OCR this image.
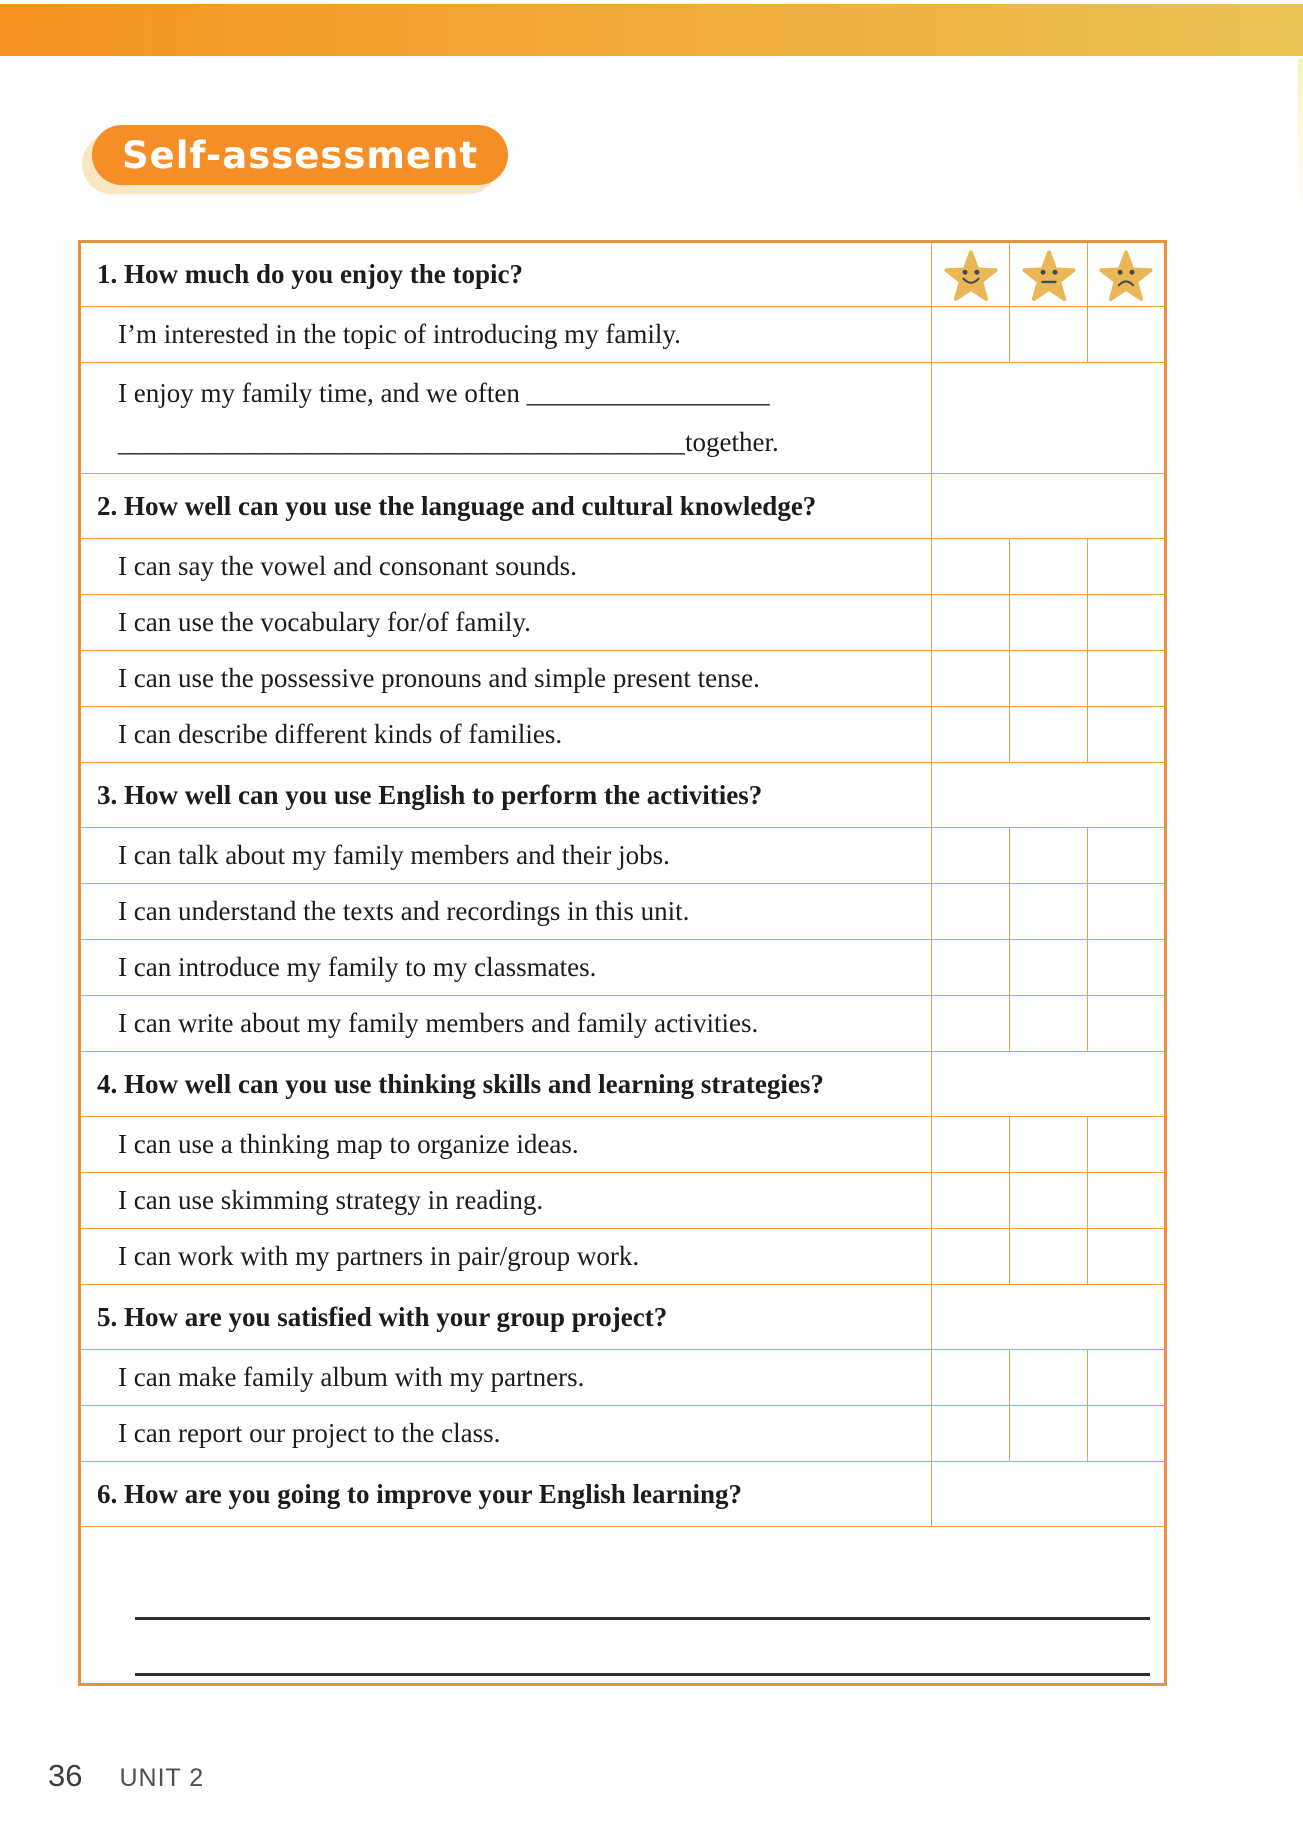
Self-assessment
1. How much do you enjoy the topic?	

I’m interested in the topic of introducing my family.			
I enjoy my family time, and we often __________________
__________________________________________together.			
2. How well can you use the language and cultural knowledge?			
I can say the vowel and consonant sounds.			
I can use the vocabulary for/of family.			
I can use the possessive pronouns and simple present tense.			
I can describe different kinds of families.			
3. How well can you use English to perform the activities?			
I can talk about my family members and their jobs.			
I can understand the texts and recordings in this unit.			
I can introduce my family to my classmates.			
I can write about my family members and family activities.			
4. How well can you use thinking skills and learning strategies?			
I can use a thinking map to organize ideas.			
I can use skimming strategy in reading.			
I can work with my partners in pair/group work.			
5. How are you satisfied with your group project?			
I can make family album with my partners.			
I can report our project to the class.			
6. How are you going to improve your English learning?			

36 UNIT 2
